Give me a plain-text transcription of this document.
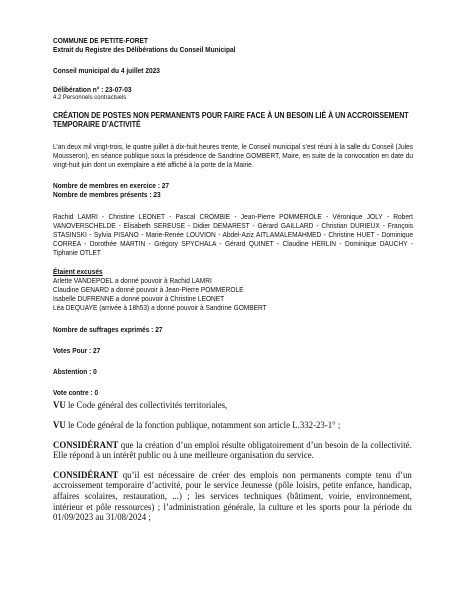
COMMUNE DE PETITE-FORET

Extrait du Registre des Délibérations du Conseil Municipal

Conseil municipal du 4 juillet 2023

Délibération n° : 23-07-03

4.2 Personnels contractuels

CRÉATION DE POSTES NON PERMANENTS POUR FAIRE FACE À UN BESOIN LIÉ À UN ACCROISSEMENT TEMPORAIRE D’ACTIVITÉ

L’an deux mil vingt-trois, le quatre juillet à dix-huit heures trente, le Conseil municipal s’est réuni à la salle du Conseil (Jules Mousseron), en séance publique sous la présidence de Sandrine GOMBERT, Maire, en suite de la convocation en date du vingt-huit juin dont un exemplaire a été affiché à la porte de la Mairie.

Nombre de membres en exercice : 27

Nombre de membres présents : 23

Rachid LAMRI - Christine LEONET - Pascal CROMBIE - Jean-Pierre POMMEROLE - Véronique JOLY - Robert VANOVERSCHELDE - Elisabeth SEREUSE - Didier DEMAREST - Gérard GAILLARD - Christian DURIEUX - François STASINSKI - Sylvia PISANO - Marie-Renée LOUVION - Abdel-Aziz AITLAMALEMAHMED - Christine HUET - Dominique CORREA - Dorothée MARTIN - Grégory SPYCHALA - Gérard QUINET - Claudine HERLIN - Dominique DAUCHY - Tiphanie OTLET

Étaient excusés

Arlette VANDEPOEL a donné pouvoir à Rachid LAMRI

Claudine GENARD a donné pouvoir à Jean-Pierre POMMEROLE

Isabelle DUFRENNE a donné pouvoir à Christine LEONET

Léa DEQUAYE (arrivée à 18h53) a donné pouvoir à Sandrine GOMBERT

Nombre de suffrages exprimés : 27

Votes Pour : 27

Abstention : 0

Vote contre : 0

VU le Code général des collectivités territoriales,

VU le Code général de la fonction publique, notamment son article L.332-23-1° ;

CONSIDÉRANT que la création d’un emploi résulte obligatoirement d’un besoin de la collectivité. Elle répond à un intérêt public ou à une meilleure organisation du service.

CONSIDÉRANT qu’il est nécessaire de créer des emplois non permanents compte tenu d’un accroissement temporaire d’activité, pour le service Jeunesse (pôle loisirs, petite enfance, handicap, affaires scolaires, restauration, ...) ; les services techniques (bâtiment, voirie, environnement, intérieur et pôle ressources) ; l’administration générale, la culture et les sports pour la période du 01/09/2023 au 31/08/2024 ;
